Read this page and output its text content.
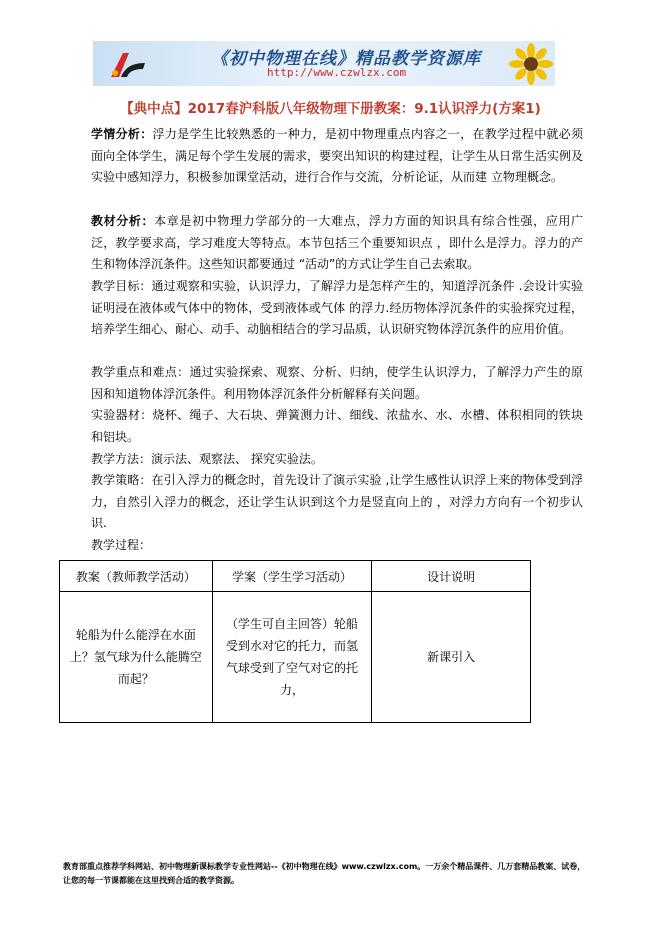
《初中物理在线》精品教学资源库
http://www.czwlzx.com
【典中点】2017春沪科版八年级物理下册教案：9.1认识浮力(方案1)

学情分析：浮力是学生比较熟悉的一种力，是初中物理重点内容之一，在教学过程中就必须面向全体学生，满足每个学生发展的需求，要突出知识的构建过程，让学生从日常生活实例及实验中感知浮力，积极参加课堂活动，进行合作与交流，分析论证，从而建 立物理概念。

教材分析：本章是初中物理力学部分的一大难点，浮力方面的知识具有综合性强，应用广泛，教学要求高，学习难度大等特点。本节包括三个重要知识点 ，即什么是浮力。浮力的产生和物体浮沉条件。这些知识都要通过 “活动”的方式让学生自己去索取。

教学目标：通过观察和实验，认识浮力，了解浮力是怎样产生的，知道浮沉条件 .会设计实验证明浸在液体或气体中的物体，受到液体或气体 的浮力.经历物体浮沉条件的实验探究过程，培养学生细心、耐心、动手、动脑相结合的学习品质，认识研究物体浮沉条件的应用价值。

教学重点和难点：通过实验探索、观察、分析、归纳，使学生认识浮力，了解浮力产生的原因和知道物体浮沉条件。利用物体浮沉条件分析解释有关问题。

实验器材：烧杯、绳子、大石块、弹簧测力计、细线、浓盐水、水、水槽、体积相同的铁块和铝块。

教学方法：演示法、观察法、 探究实验法。

教学策略：在引入浮力的概念时，首先设计了演示实验 ,让学生感性认识浮上来的物体受到浮力，自然引入浮力的概念，还让学生认识到这个力是竖直向上的 ，对浮力方向有一个初步认识.

教学过程：

教案（教师教学活动）	学案（学生学习活动）	设计说明
轮船为什么能浮在水面上？氢气球为什么能腾空而起？	（学生可自主回答）轮船受到水对它的托力，而氢气球受到了空气对它的托力，	新课引入

教育部重点推荐学科网站、初中物理新课标教学专业性网站--《初中物理在线》www.czwlzx.com。一万余个精品课件、几万套精品教案、试卷，让您的每一节课都能在这里找到合适的教学资源。
